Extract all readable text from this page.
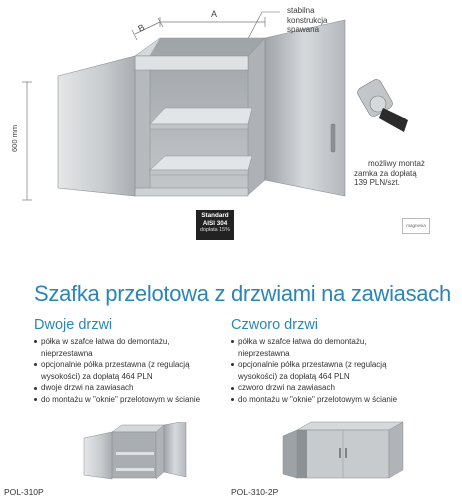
B
A
600 mm
stabilna
konstrukcja
spawana
możliwy montaż
zamka za dopłatą
139 PLN/szt.
Standard
AISI 304
dopłata 15%
magnesia
Szafka przelotowa z drzwiami na zawiasach
Dwoje drzwi
półka w szafce łatwa do demontażu,
nieprzestawna
opcjonalnie półka przestawna (z regulacją
wysokości) za dopłatą 464 PLN
dwoje drzwi na zawiasach
do montażu w "oknie" przelotowym w ścianie
Czworo drzwi
półka w szafce łatwa do demontażu,
nieprzestawna
opcjonalnie półka przestawna (z regulacją
wysokości) za dopłatą 464 PLN
czworo drzwi na zawiasach
do montażu w "oknie" przelotowym w ścianie
POL-310P	POL-310-2P
